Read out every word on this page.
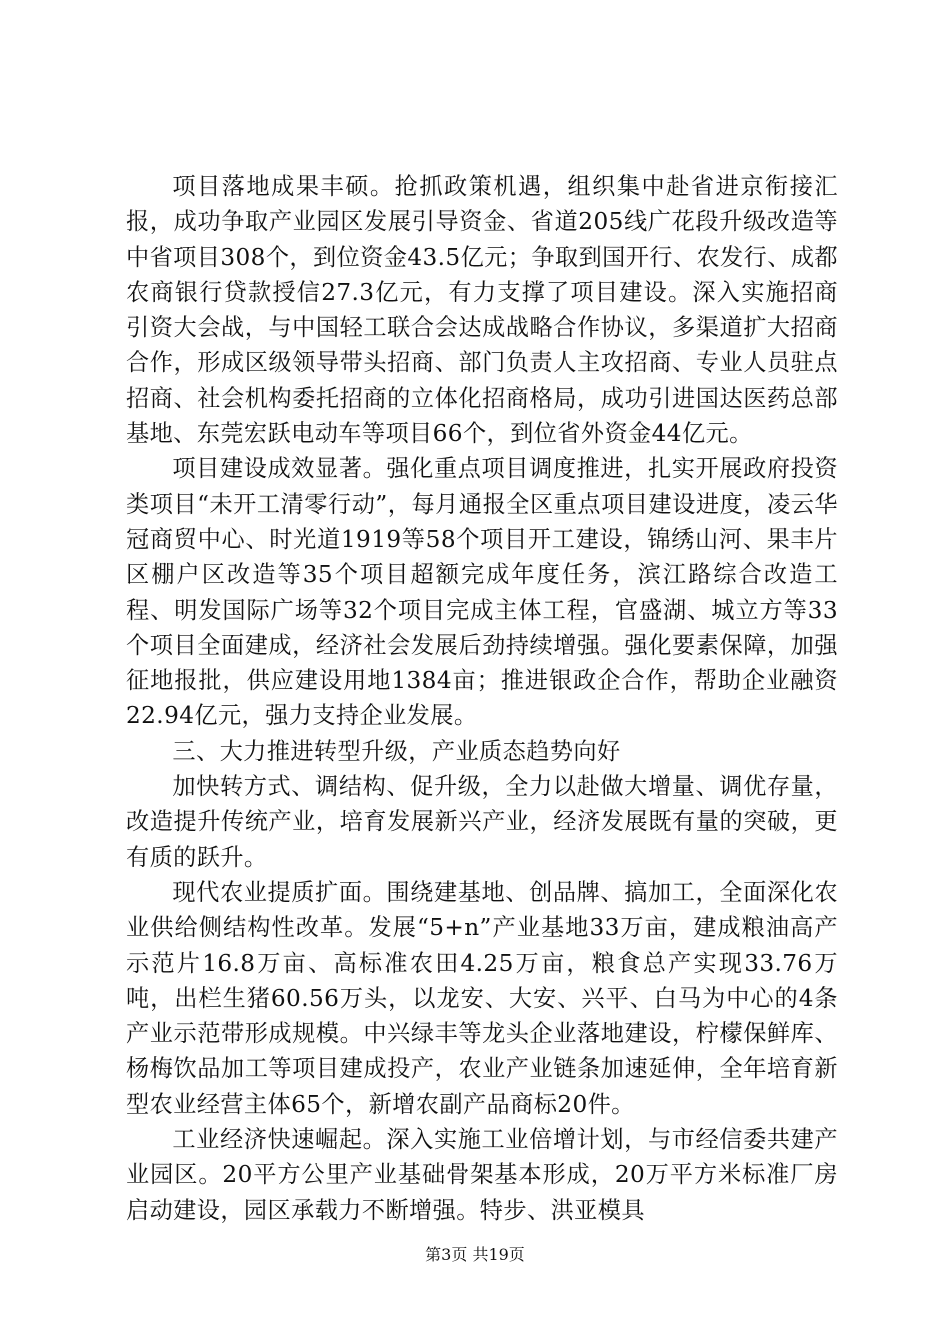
项目落地成果丰硕。抢抓政策机遇，组织集中赴省进京衔接汇报，成功争取产业园区发展引导资金、省道205线广花段升级改造等中省项目308个，到位资金43.5亿元；争取到国开行、农发行、成都农商银行贷款授信27.3亿元，有力支撑了项目建设。深入实施招商引资大会战，与中国轻工联合会达成战略合作协议，多渠道扩大招商合作，形成区级领导带头招商、部门负责人主攻招商、专业人员驻点招商、社会机构委托招商的立体化招商格局，成功引进国达医药总部基地、东莞宏跃电动车等项目66个，到位省外资金44亿元。

项目建设成效显著。强化重点项目调度推进，扎实开展政府投资类项目“未开工清零行动”，每月通报全区重点项目建设进度，凌云华冠商贸中心、时光道1919等58个项目开工建设，锦绣山河、果丰片区棚户区改造等35个项目超额完成年度任务，滨江路综合改造工程、明发国际广场等32个项目完成主体工程，官盛湖、城立方等33个项目全面建成，经济社会发展后劲持续增强。强化要素保障，加强征地报批，供应建设用地1384亩；推进银政企合作，帮助企业融资22.94亿元，强力支持企业发展。

三、大力推进转型升级，产业质态趋势向好

加快转方式、调结构、促升级，全力以赴做大增量、调优存量，改造提升传统产业，培育发展新兴产业，经济发展既有量的突破，更有质的跃升。

现代农业提质扩面。围绕建基地、创品牌、搞加工，全面深化农业供给侧结构性改革。发展“5+n”产业基地33万亩，建成粮油高产示范片16.8万亩、高标准农田4.25万亩，粮食总产实现33.76万吨，出栏生猪60.56万头，以龙安、大安、兴平、白马为中心的4条产业示范带形成规模。中兴绿丰等龙头企业落地建设，柠檬保鲜库、杨梅饮品加工等项目建成投产，农业产业链条加速延伸，全年培育新型农业经营主体65个，新增农副产品商标20件。

工业经济快速崛起。深入实施工业倍增计划，与市经信委共建产业园区。20平方公里产业基础骨架基本形成，20万平方米标准厂房启动建设，园区承载力不断增强。特步、洪亚模具

第3页 共19页
